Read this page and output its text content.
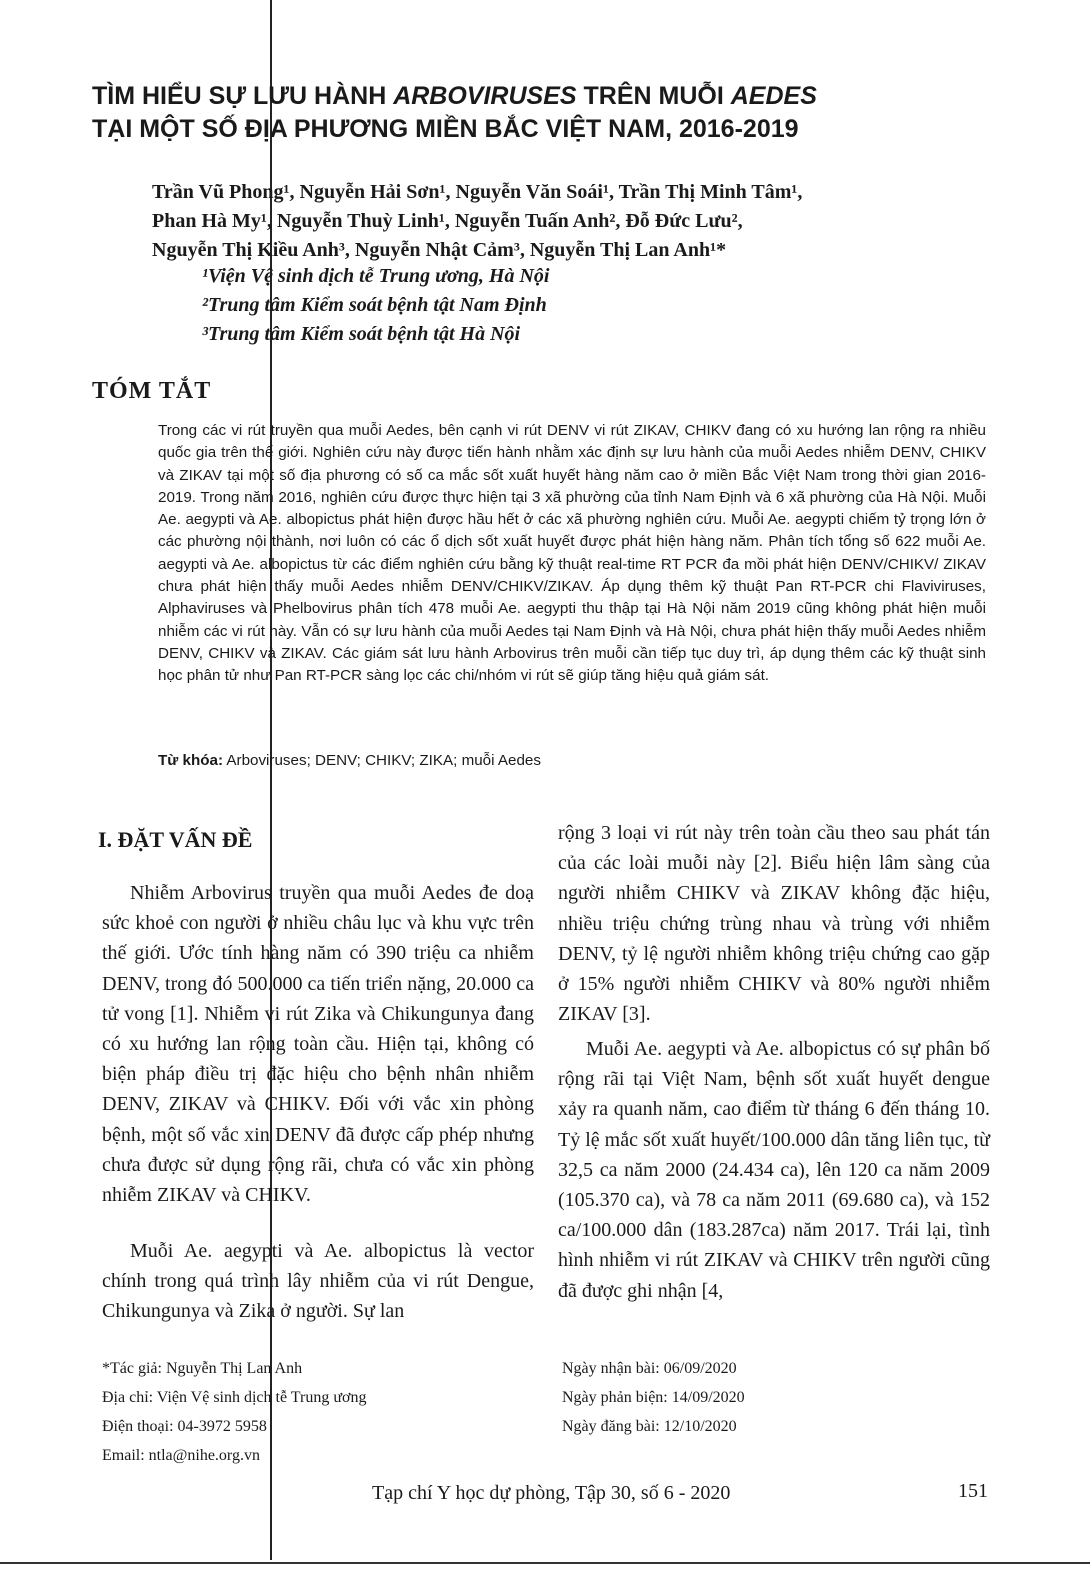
TÌM HIỂU SỰ LƯU HÀNH ARBOVIRUSES TRÊN MUỖI AEDES
TẠI MỘT SỐ ĐỊA PHƯƠNG MIỀN BẮC VIỆT NAM, 2016-2019
Trần Vũ Phong¹, Nguyễn Hải Sơn¹, Nguyễn Văn Soái¹, Trần Thị Minh Tâm¹,
Phan Hà My¹, Nguyễn Thuỳ Linh¹, Nguyễn Tuấn Anh², Đỗ Đức Lưu²,
Nguyễn Thị Kiều Anh³, Nguyễn Nhật Cảm³, Nguyễn Thị Lan Anh¹*
¹Viện Vệ sinh dịch tễ Trung ương, Hà Nội
²Trung tâm Kiểm soát bệnh tật Nam Định
³Trung tâm Kiểm soát bệnh tật Hà Nội
TÓM TẮT
Trong các vi rút truyền qua muỗi Aedes, bên cạnh vi rút DENV vi rút ZIKAV, CHIKV đang có xu hướng lan rộng ra nhiều quốc gia trên thế giới. Nghiên cứu này được tiến hành nhằm xác định sự lưu hành của muỗi Aedes nhiễm DENV, CHIKV và ZIKAV tại một số địa phương có số ca mắc sốt xuất huyết hàng năm cao ở miền Bắc Việt Nam trong thời gian 2016-2019. Trong năm 2016, nghiên cứu được thực hiện tại 3 xã phường của tỉnh Nam Định và 6 xã phường của Hà Nội. Muỗi Ae. aegypti và Ae. albopictus phát hiện được hầu hết ở các xã phường nghiên cứu. Muỗi Ae. aegypti chiếm tỷ trọng lớn ở các phường nội thành, nơi luôn có các ổ dịch sốt xuất huyết được phát hiện hàng năm. Phân tích tổng số 622 muỗi Ae. aegypti và Ae. albopictus từ các điểm nghiên cứu bằng kỹ thuật real-time RT PCR đa mồi phát hiện DENV/CHIKV/ ZIKAV chưa phát hiện thấy muỗi Aedes nhiễm DENV/CHIKV/ZIKAV. Áp dụng thêm kỹ thuật Pan RT-PCR chi Flaviviruses, Alphaviruses và Phelbovirus phân tích 478 muỗi Ae. aegypti thu thập tại Hà Nội năm 2019 cũng không phát hiện muỗi nhiễm các vi rút này. Vẫn có sự lưu hành của muỗi Aedes tại Nam Định và Hà Nội, chưa phát hiện thấy muỗi Aedes nhiễm DENV, CHIKV và ZIKAV. Các giám sát lưu hành Arbovirus trên muỗi cần tiếp tục duy trì, áp dụng thêm các kỹ thuật sinh học phân tử như Pan RT-PCR sàng lọc các chi/nhóm vi rút sẽ giúp tăng hiệu quả giám sát.
Từ khóa: Arboviruses; DENV; CHIKV; ZIKA; muỗi Aedes
I. ĐẶT VẤN ĐỀ

Nhiễm Arbovirus truyền qua muỗi Aedes đe doạ sức khoẻ con người ở nhiều châu lục và khu vực trên thế giới. Ước tính hàng năm có 390 triệu ca nhiễm DENV, trong đó 500.000 ca tiến triển nặng, 20.000 ca tử vong [1]. Nhiễm vi rút Zika và Chikungunya đang có xu hướng lan rộng toàn cầu. Hiện tại, không có biện pháp điều trị đặc hiệu cho bệnh nhân nhiễm DENV, ZIKAV và CHIKV. Đối với vắc xin phòng bệnh, một số vắc xin DENV đã được cấp phép nhưng chưa được sử dụng rộng rãi, chưa có vắc xin phòng nhiễm ZIKAV và CHIKV.

Muỗi Ae. aegypti và Ae. albopictus là vector chính trong quá trình lây nhiễm của vi rút Dengue, Chikungunya và Zika ở người. Sự lan

rộng 3 loại vi rút này trên toàn cầu theo sau phát tán của các loài muỗi này [2]. Biểu hiện lâm sàng của người nhiễm CHIKV và ZIKAV không đặc hiệu, nhiều triệu chứng trùng nhau và trùng với nhiễm DENV, tỷ lệ người nhiễm không triệu chứng cao gặp ở 15% người nhiễm CHIKV và 80% người nhiễm ZIKAV [3].

Muỗi Ae. aegypti và Ae. albopictus có sự phân bố rộng rãi tại Việt Nam, bệnh sốt xuất huyết dengue xảy ra quanh năm, cao điểm từ tháng 6 đến tháng 10. Tỷ lệ mắc sốt xuất huyết/100.000 dân tăng liên tục, từ 32,5 ca năm 2000 (24.434 ca), lên 120 ca năm 2009 (105.370 ca), và 78 ca năm 2011 (69.680 ca), và 152 ca/100.000 dân (183.287ca) năm 2017. Trái lại, tình hình nhiễm vi rút ZIKAV và CHIKV trên người cũng đã được ghi nhận [4,

*Tác giả: Nguyễn Thị Lan Anh
Địa chỉ: Viện Vệ sinh dịch tễ Trung ương
Điện thoại: 04-3972 5958
Email: ntla@nihe.org.vn
Ngày nhận bài: 06/09/2020
Ngày phản biện: 14/09/2020
Ngày đăng bài: 12/10/2020
Tạp chí Y học dự phòng, Tập 30, số 6 - 2020	151
